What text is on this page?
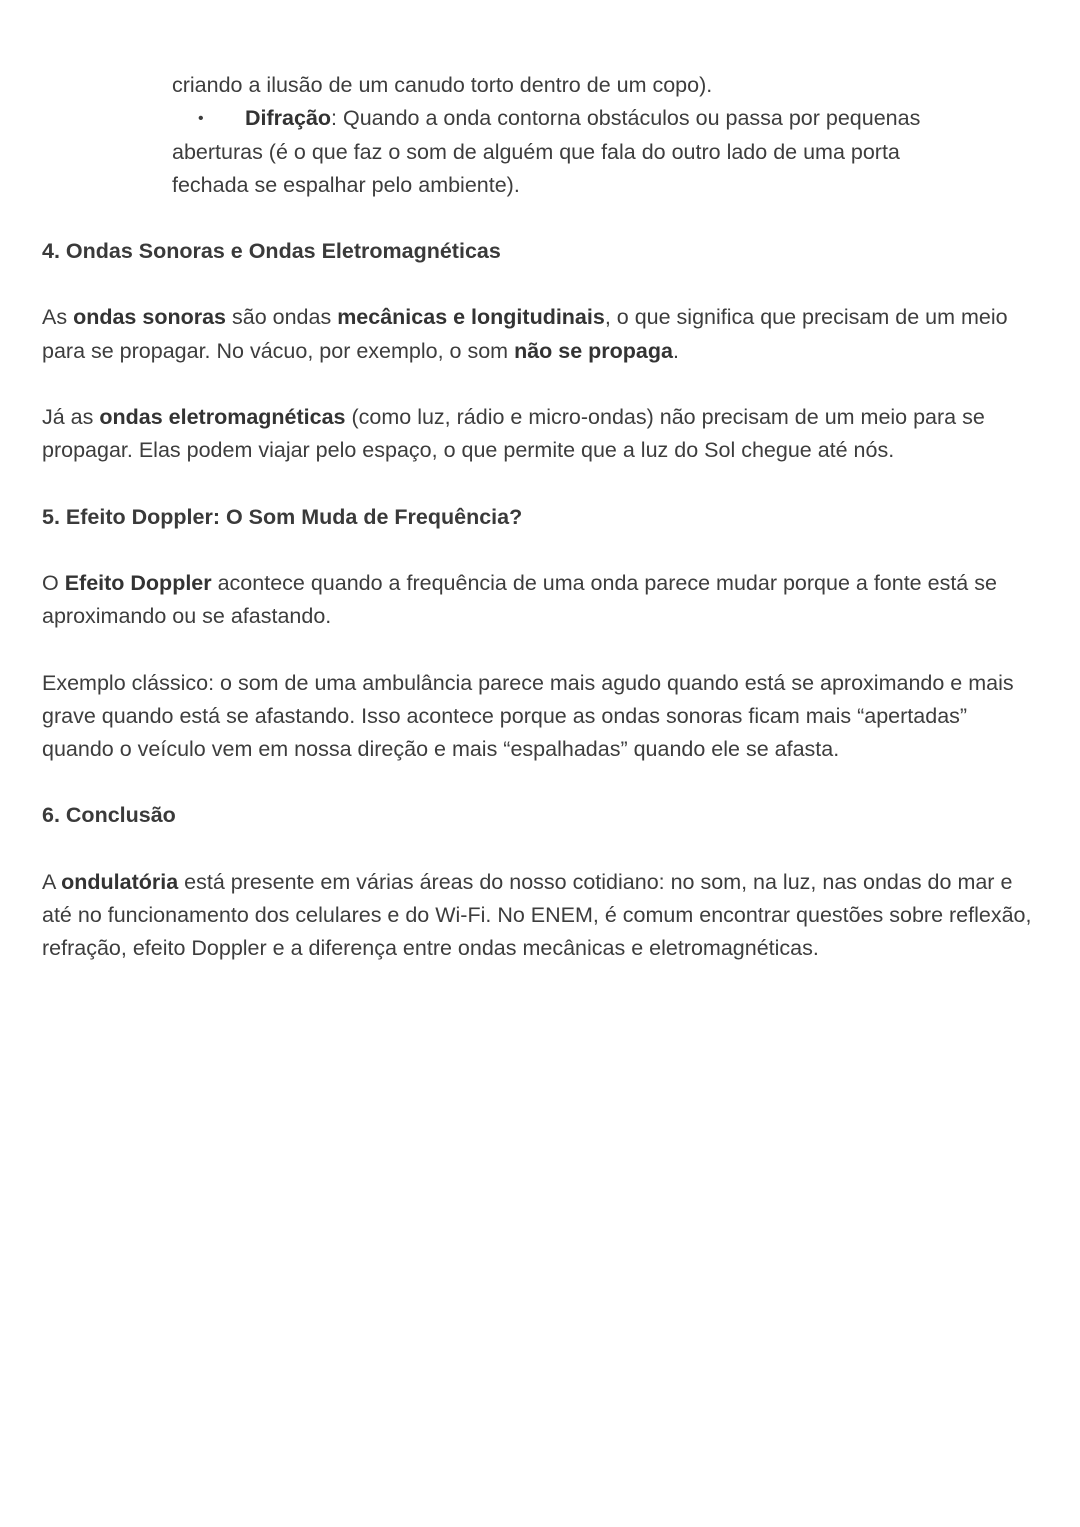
criando a ilusão de um canudo torto dentro de um copo).

•	Difração: Quando a onda contorna obstáculos ou passa por pequenas

aberturas (é o que faz o som de alguém que fala do outro lado de uma porta fechada se espalhar pelo ambiente).

4. Ondas Sonoras e Ondas Eletromagnéticas

As ondas sonoras são ondas mecânicas e longitudinais, o que significa que precisam de um meio para se propagar. No vácuo, por exemplo, o som não se propaga.

Já as ondas eletromagnéticas (como luz, rádio e micro-ondas) não precisam de um meio para se propagar. Elas podem viajar pelo espaço, o que permite que a luz do Sol chegue até nós.

5. Efeito Doppler: O Som Muda de Frequência?

O Efeito Doppler acontece quando a frequência de uma onda parece mudar porque a fonte está se aproximando ou se afastando.

Exemplo clássico: o som de uma ambulância parece mais agudo quando está se aproximando e mais grave quando está se afastando. Isso acontece porque as ondas sonoras ficam mais “apertadas” quando o veículo vem em nossa direção e mais “espalhadas” quando ele se afasta.

6. Conclusão

A ondulatória está presente em várias áreas do nosso cotidiano: no som, na luz, nas ondas do mar e até no funcionamento dos celulares e do Wi-Fi. No ENEM, é comum encontrar questões sobre reflexão, refração, efeito Doppler e a diferença entre ondas mecânicas e eletromagnéticas.
